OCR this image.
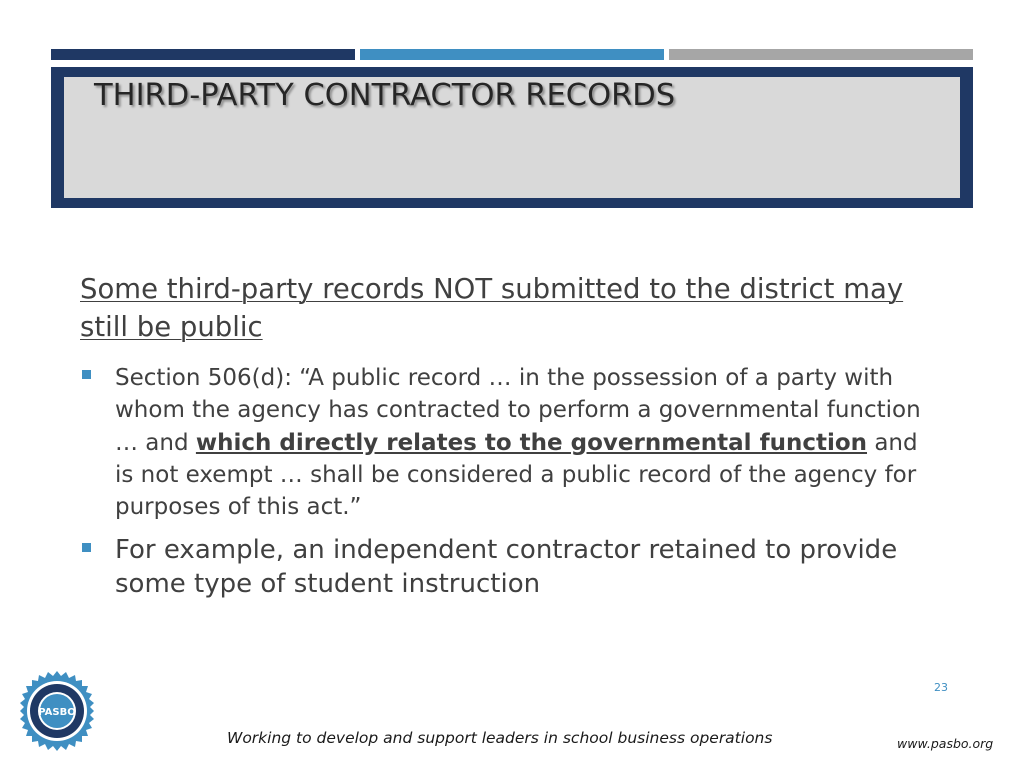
THIRD-PARTY CONTRACTOR RECORDS

Some third-party records NOT submitted to the district may still be public

Section 506(d): “A public record … in the possession of a party with whom the agency has contracted to perform a governmental function … and which directly relates to the governmental function and is not exempt … shall be considered a public record of the agency for purposes of this act.”
For example, an independent contractor retained to provide some type of student instruction
23
PASBO
Working to develop and support leaders in school business operations	www.pasbo.org
